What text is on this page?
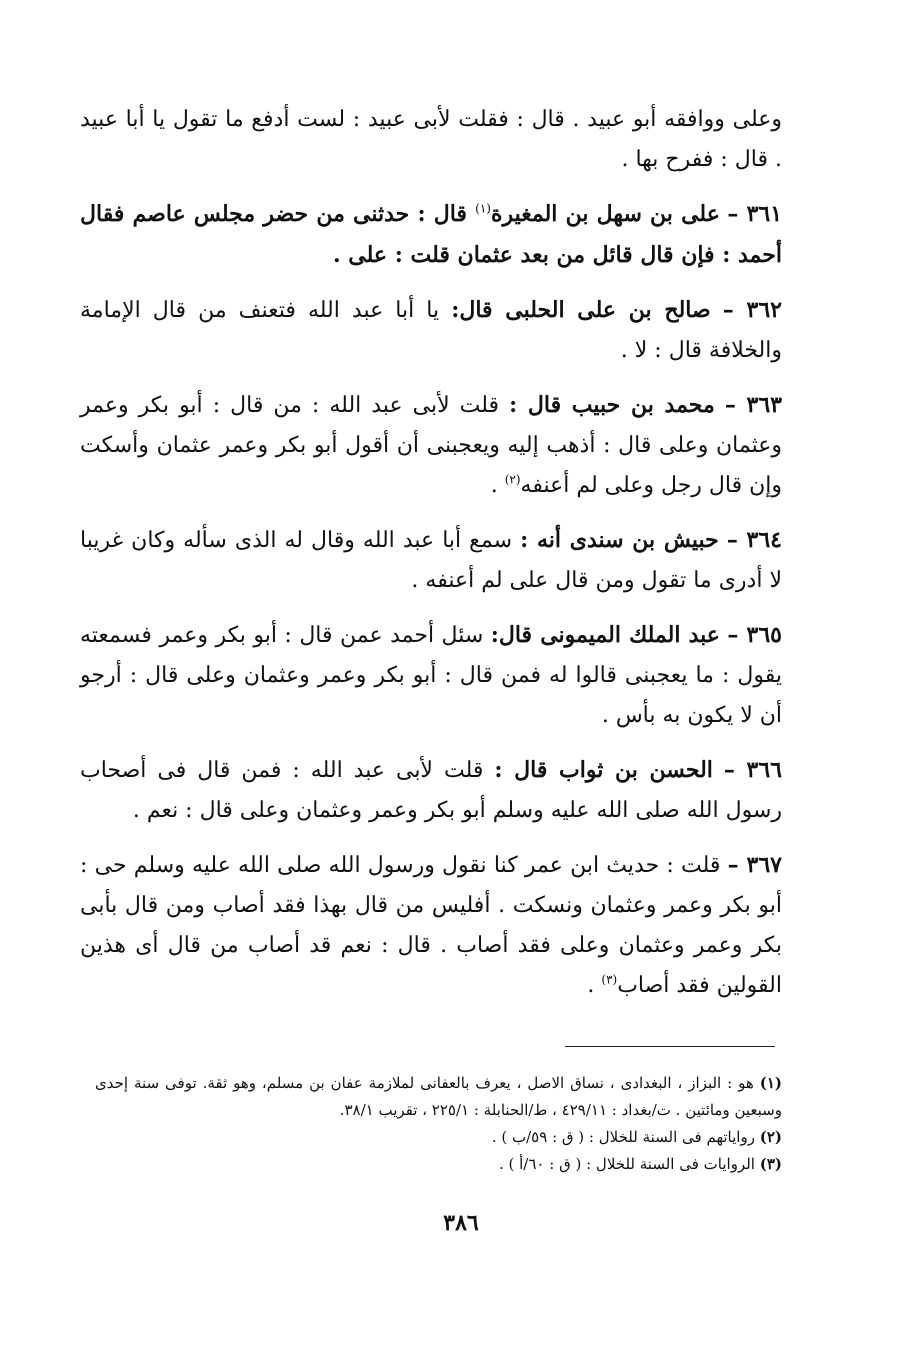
وعلى ووافقه أبو عبيد . قال : فقلت لأبى عبيد : لست أدفع ما تقول يا أبا عبيد . قال : ففرح بها .

٣٦١ – على بن سهل بن المغيرة$^{(١)}$ قال : حدثنى من حضر مجلس عاصم فقال أحمد : فإن قال قائل من بعد عثمان قلت : على .

٣٦٢ – صالح بن على الحلبى قال: يا أبا عبد الله فتعنف من قال الإمامة والخلافة قال : لا .

٣٦٣ – محمد بن حبيب قال : قلت لأبى عبد الله : من قال : أبو بكر وعمر وعثمان وعلى قال : أذهب إليه ويعجبنى أن أقول أبو بكر وعمر عثمان وأسكت وإن قال رجل وعلى لم أعنفه$^{(٢)}$ .

٣٦٤ – حبيش بن سندى أنه : سمع أبا عبد الله وقال له الذى سأله وكان غريبا لا أدرى ما تقول ومن قال على لم أعنفه .

٣٦٥ – عبد الملك الميمونى قال: سئل أحمد عمن قال : أبو بكر وعمر فسمعته يقول : ما يعجبنى قالوا له فمن قال : أبو بكر وعمر وعثمان وعلى قال : أرجو أن لا يكون به بأس .

٣٦٦ – الحسن بن ثواب قال : قلت لأبى عبد الله : فمن قال فى أصحاب رسول الله صلى الله عليه وسلم أبو بكر وعمر وعثمان وعلى قال : نعم .

٣٦٧ – قلت : حديث ابن عمر كنا نقول ورسول الله صلى الله عليه وسلم حى : أبو بكر وعمر وعثمان ونسكت . أفليس من قال بهذا فقد أصاب ومن قال بأبى بكر وعمر وعثمان وعلى فقد أصاب . قال : نعم قد أصاب من قال أى هذين القولين فقد أصاب$^{(٣)}$ .

(١) هو : البزاز ، البغدادى ، نساق الاصل ، يعرف بالعفانى لملازمة عفان بن مسلم، وهو ثقة. توفى سنة إحدى وسبعين ومائتين . ت/بغداد : ٤٢٩/١١ ، ط/الحنابلة : ٢٢٥/١ ، تقريب ٣٨/١.

(٢) رواياتهم فى السنة للخلال : ( ق : ٥٩/ب ) .

(٣) الروايات فى السنة للخلال : ( ق : ٦٠/أ ) .

٣٨٦
